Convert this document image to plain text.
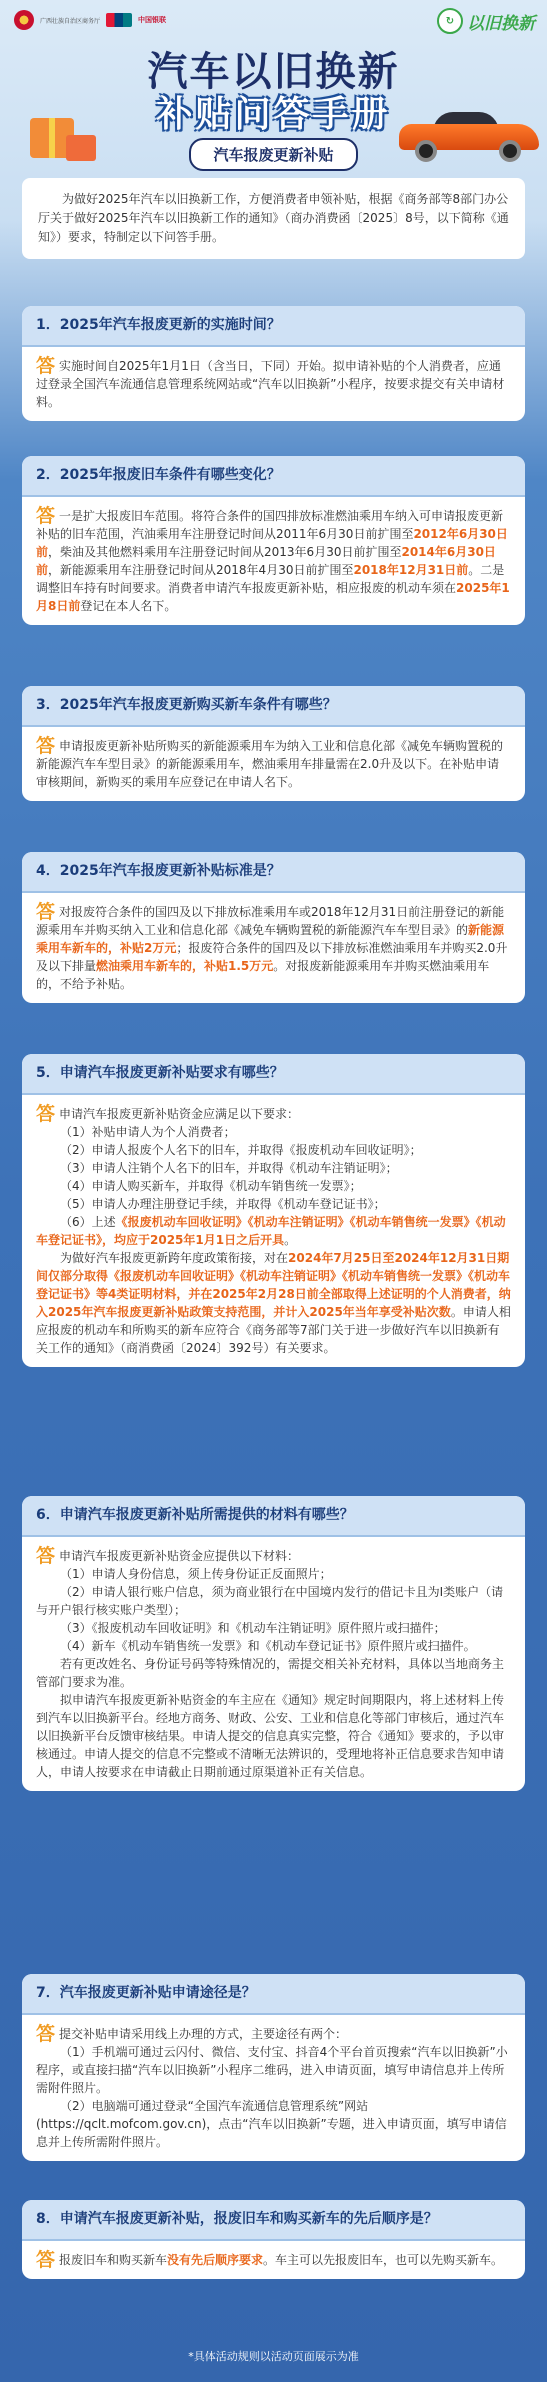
广西壮族自治区商务厅	中国银联	↻ 以旧换新
汽车以旧换新
补贴问答手册
汽车报废更新补贴
为做好2025年汽车以旧换新工作，方便消费者申领补贴，根据《商务部等8部门办公厅关于做好2025年汽车以旧换新工作的通知》（商办消费函〔2025〕8号，以下简称《通知》）要求，特制定以下问答手册。
1．2025年汽车报废更新的实施时间？
答实施时间自2025年1月1日（含当日，下同）开始。拟申请补贴的个人消费者，应通过登录全国汽车流通信息管理系统网站或“汽车以旧换新”小程序，按要求提交有关申请材料。
2．2025年报废旧车条件有哪些变化？
答一是扩大报废旧车范围。将符合条件的国四排放标准燃油乘用车纳入可申请报废更新补贴的旧车范围，汽油乘用车注册登记时间从2011年6月30日前扩围至2012年6月30日前，柴油及其他燃料乘用车注册登记时间从2013年6月30日前扩围至2014年6月30日前，新能源乘用车注册登记时间从2018年4月30日前扩围至2018年12月31日前。二是调整旧车持有时间要求。消费者申请汽车报废更新补贴，相应报废的机动车须在2025年1月8日前登记在本人名下。
3．2025年汽车报废更新购买新车条件有哪些？
答申请报废更新补贴所购买的新能源乘用车为纳入工业和信息化部《减免车辆购置税的新能源汽车车型目录》的新能源乘用车，燃油乘用车排量需在2.0升及以下。在补贴申请审核期间，新购买的乘用车应登记在申请人名下。
4．2025年汽车报废更新补贴标准是？
答对报废符合条件的国四及以下排放标准乘用车或2018年12月31日前注册登记的新能源乘用车并购买纳入工业和信息化部《减免车辆购置税的新能源汽车车型目录》的新能源乘用车新车的，补贴2万元；报废符合条件的国四及以下排放标准燃油乘用车并购买2.0升及以下排量燃油乘用车新车的，补贴1.5万元。对报废新能源乘用车并购买燃油乘用车的，不给予补贴。
5．申请汽车报废更新补贴要求有哪些？
答申请汽车报废更新补贴资金应满足以下要求：
（1）补贴申请人为个人消费者；
（2）申请人报废个人名下的旧车，并取得《报废机动车回收证明》；
（3）申请人注销个人名下的旧车，并取得《机动车注销证明》；
（4）申请人购买新车，并取得《机动车销售统一发票》；
（5）申请人办理注册登记手续，并取得《机动车登记证书》；
（6）上述《报废机动车回收证明》《机动车注销证明》《机动车销售统一发票》《机动车登记证书》，均应于2025年1月1日之后开具。
为做好汽车报废更新跨年度政策衔接，对在2024年7月25日至2024年12月31日期间仅部分取得《报废机动车回收证明》《机动车注销证明》《机动车销售统一发票》《机动车登记证书》等4类证明材料，并在2025年2月28日前全部取得上述证明的个人消费者，纳入2025年汽车报废更新补贴政策支持范围，并计入2025年当年享受补贴次数。申请人相应报废的机动车和所购买的新车应符合《商务部等7部门关于进一步做好汽车以旧换新有关工作的通知》（商消费函〔2024〕392号）有关要求。
6．申请汽车报废更新补贴所需提供的材料有哪些？
答申请汽车报废更新补贴资金应提供以下材料：
（1）申请人身份信息，须上传身份证正反面照片；
（2）申请人银行账户信息，须为商业银行在中国境内发行的借记卡且为I类账户（请与开户银行核实账户类型）；
（3）《报废机动车回收证明》和《机动车注销证明》原件照片或扫描件；
（4）新车《机动车销售统一发票》和《机动车登记证书》原件照片或扫描件。
若有更改姓名、身份证号码等特殊情况的，需提交相关补充材料，具体以当地商务主管部门要求为准。
拟申请汽车报废更新补贴资金的车主应在《通知》规定时间期限内，将上述材料上传到汽车以旧换新平台。经地方商务、财政、公安、工业和信息化等部门审核后，通过汽车以旧换新平台反馈审核结果。申请人提交的信息真实完整，符合《通知》要求的，予以审核通过。申请人提交的信息不完整或不清晰无法辨识的，受理地将补正信息要求告知申请人，申请人按要求在申请截止日期前通过原渠道补正有关信息。
7．汽车报废更新补贴申请途径是？
答提交补贴申请采用线上办理的方式，主要途径有两个：
（1）手机端可通过云闪付、微信、支付宝、抖音4个平台首页搜索“汽车以旧换新”小程序，或直接扫描“汽车以旧换新”小程序二维码，进入申请页面，填写申请信息并上传所需附件照片。
（2）电脑端可通过登录“全国汽车流通信息管理系统”网站(https://qclt.mofcom.gov.cn)，点击“汽车以旧换新”专题，进入申请页面，填写申请信息并上传所需附件照片。
8．申请汽车报废更新补贴，报废旧车和购买新车的先后顺序是？
答报废旧车和购买新车没有先后顺序要求。车主可以先报废旧车，也可以先购买新车。
*具体活动规则以活动页面展示为准
